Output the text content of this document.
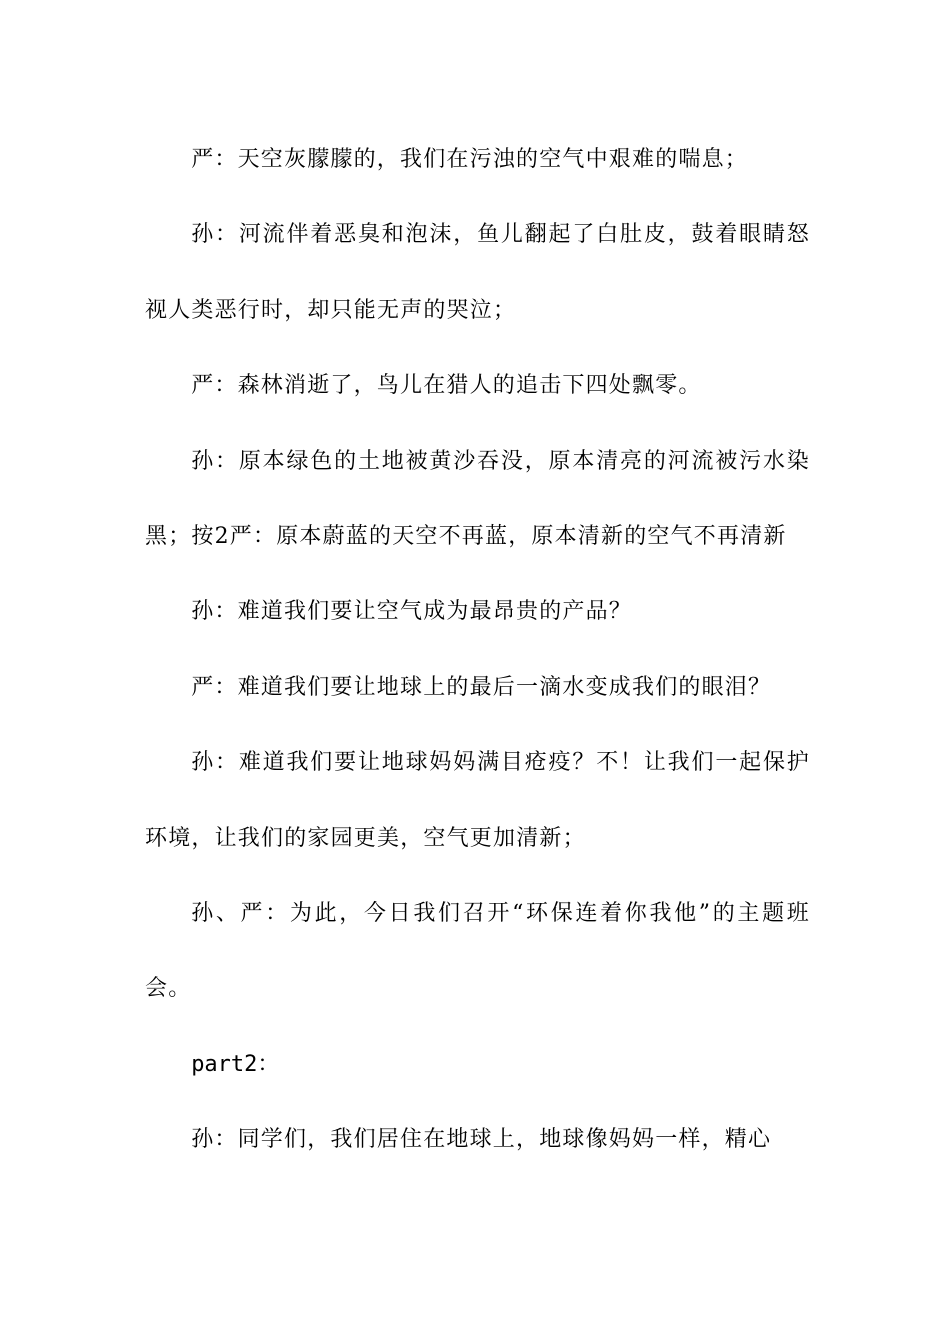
严：天空灰朦朦的，我们在污浊的空气中艰难的喘息；

孙：河流伴着恶臭和泡沫，鱼儿翻起了白肚皮，鼓着眼睛怒视人类恶行时，却只能无声的哭泣；

严：森林消逝了，鸟儿在猎人的追击下四处飘零。

孙：原本绿色的土地被黄沙吞没，原本清亮的河流被污水染黑；按2严：原本蔚蓝的天空不再蓝，原本清新的空气不再清新

孙：难道我们要让空气成为最昂贵的产品？

严：难道我们要让地球上的最后一滴水变成我们的眼泪？

孙：难道我们要让地球妈妈满目疮疫？不！让我们一起保护环境，让我们的家园更美，空气更加清新；

孙、严：为此，今日我们召开“环保连着你我他”的主题班会。

part2：

孙：同学们，我们居住在地球上，地球像妈妈一样，精心
